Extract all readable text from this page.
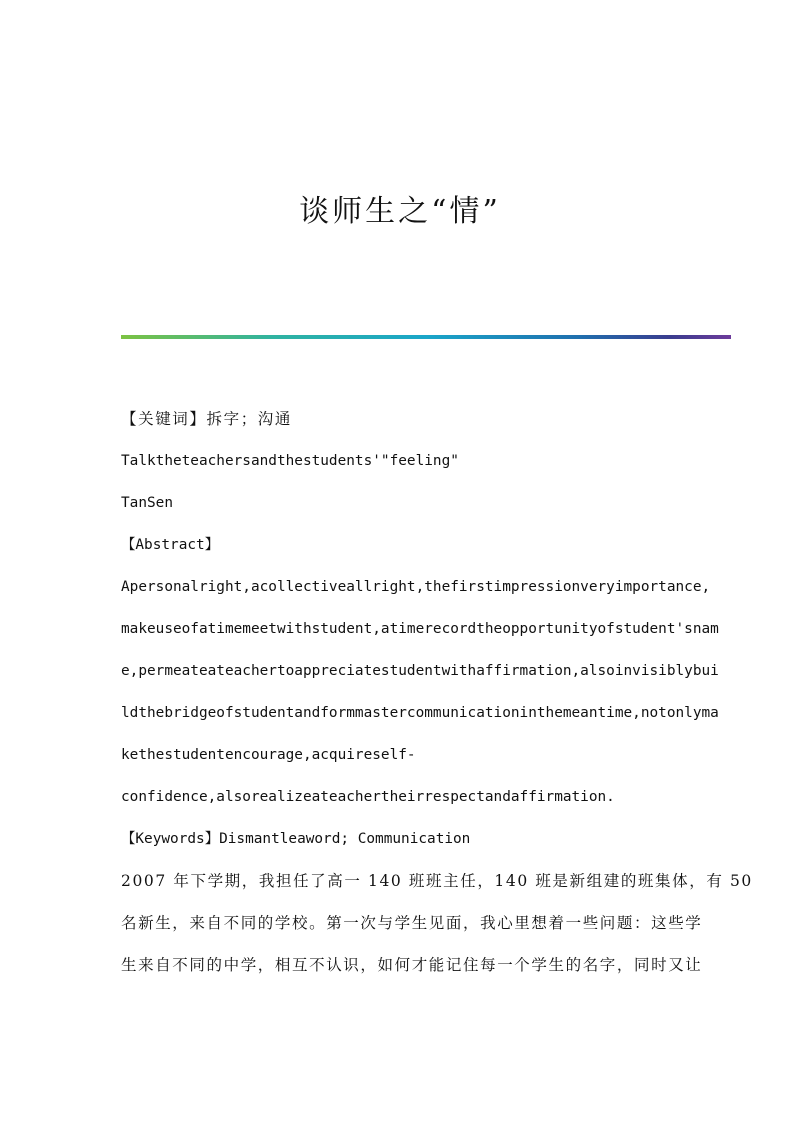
谈师生之“情”
【关键词】拆字；沟通
Talktheteachersandthestudents'"feeling"
TanSen
【Abstract】
Apersonalright,acollectiveallright,thefirstimpressionveryimportance,
makeuseofatimemeetwithstudent,atimerecordtheopportunityofstudent'snam
e,permeateateachertoappreciatestudentwithaffirmation,alsoinvisiblybui
ldthebridgeofstudentandformmastercommunicationinthemeantime,notonlyma
kethestudentencourage,acquireself-
confidence,alsorealizeateachertheirrespectandaffirmation.
【Keywords】Dismantleaword; Communication
2007 年下学期，我担任了高一 140 班班主任，140 班是新组建的班集体，有 50
名新生，来自不同的学校。第一次与学生见面，我心里想着一些问题：这些学
生来自不同的中学，相互不认识，如何才能记住每一个学生的名字，同时又让
